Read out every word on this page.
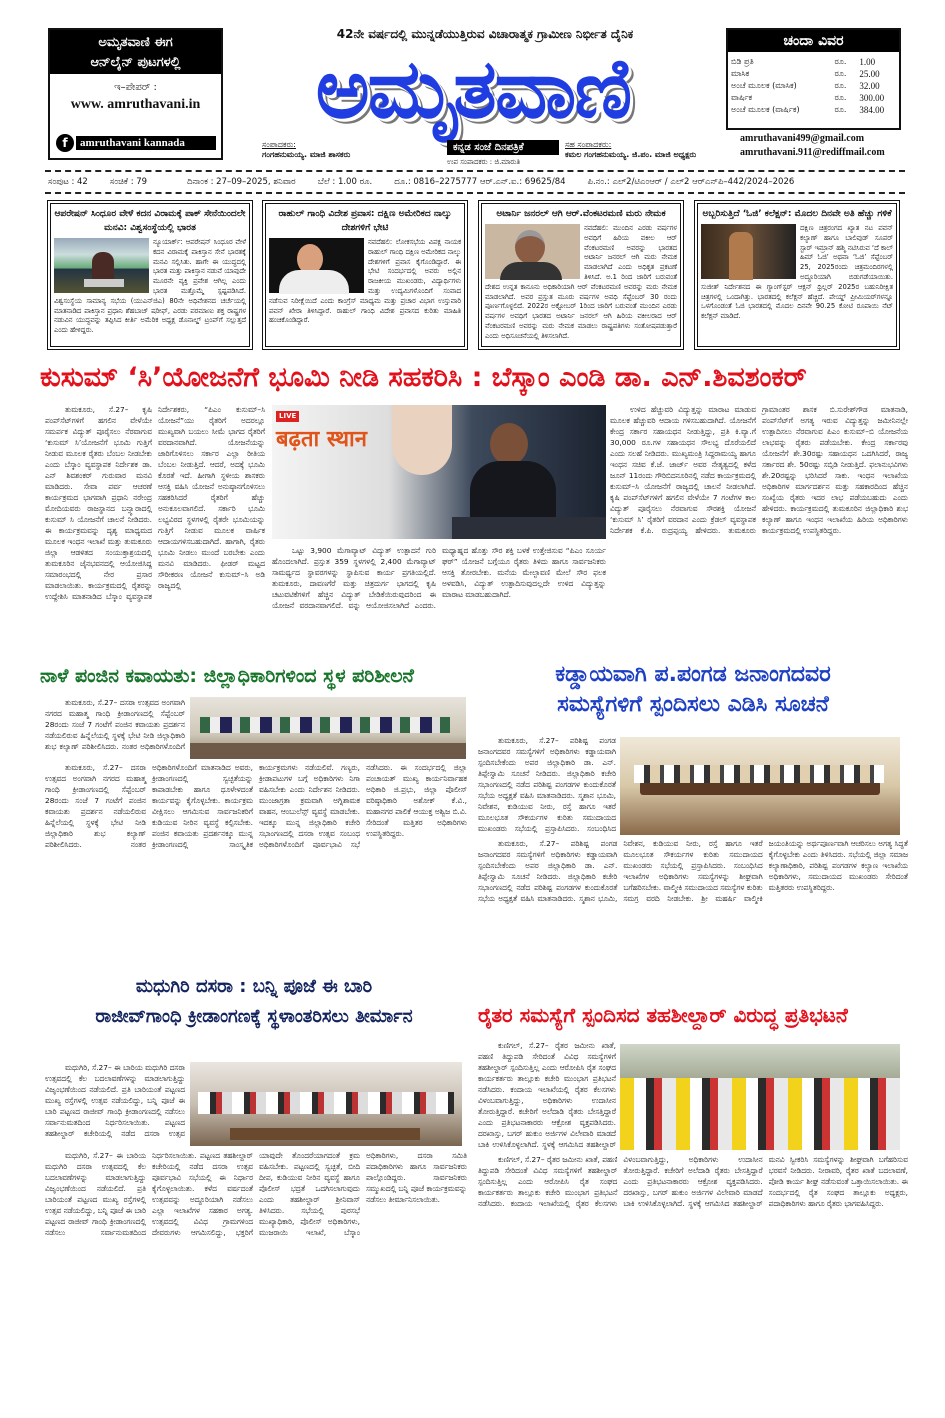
ಅಮೃತವಾಣಿ ಈಗ
ಆನ್‌ಲೈನ್ ಪುಟಗಳಲ್ಲಿ
ಇ–ಪೇಪರ್ :
www. amruthavani.in
f	amruthavani kannada
42ನೇ ವರ್ಷದಲ್ಲಿ ಮುನ್ನಡೆಯುತ್ತಿರುವ ವಿಚಾರಾತ್ಮಕ ಗ್ರಾಮೀಣ ನಿರ್ಭೀತ ದೈನಿಕ
ಅಮೃತವಾಣಿ
ಕನ್ನಡ ಸಂಜೆ ದಿನಪತ್ರಿಕೆ
ಸಂಪಾದಕರು:
ಗಂಗಹನುಮಯ್ಯ. ಮಾಜಿ ಶಾಸಕರು
ಉಪ ಸಂಪಾದಕರು : ಜಿ.ಮಾರುತಿ
ಸಹ ಸಂಪಾದಕರು:
ಕಮಲ ಗಂಗಹನುಮಯ್ಯ. ಜಿ.ಪಂ. ಮಾಜಿ ಅಧ್ಯಕ್ಷರು
ಚಂದಾ ವಿವರ
ಬಿಡಿ ಪ್ರತಿ	ರೂ.	1.00
ಮಾಸಿಕ	ರೂ.	25.00
ಅಂಚೆ ಮೂಲಕ (ಮಾಸಿಕ)	ರೂ.	32.00
ವಾರ್ಷಿಕ	ರೂ.	300.00
ಅಂಚೆ ಮೂಲಕ (ವಾರ್ಷಿಕ)	ರೂ.	384.00
amruthavani499@gmail.com
amruthavani.911@rediffmail.com
ಸಂಪುಟ : 42	ಸಂಚಿಕೆ : 79	ದಿನಾಂಕ : 27–09–2025, ಶನಿವಾರ	ಬೆಲೆ : 1.00 ರೂ.	ದೂ.: 0816–2275777 ಆರ್.ಎನ್.ಐ.: 69625/84	ಪಿ.ನಂ.: ಎಲ್2/ಟಿಎಂಆರ್ / ಎಲ್2 ಆರ್‌ಎನ್‌ಪಿ–442/2024–2026
ಆಪರೇಷನ್ ಸಿಂಧೂರ ವೇಳೆ ಕದನ ವಿರಾಮಕ್ಕೆ ಪಾಕ್ ಸೇನೆಯಿಂದಲೇ ಮನವಿ: ವಿಶ್ವಸಂಸ್ಥೆಯಲ್ಲಿ ಭಾರತ

ನ್ಯೂಯಾರ್ಕ್: ಆಪರೇಷನ್ ಸಿಂಧೂರ ವೇಳೆ ಕದನ ವಿರಾಮಕ್ಕೆ ಪಾಕಿಸ್ತಾನ ಸೇನೆ ಭಾರತಕ್ಕೆ ಮನವಿ ಸಲ್ಲಿಸಿತು. ಹಾಗೇ ಈ ಯುದ್ಧದಲ್ಲಿ ಭಾರತ ಮತ್ತು ಪಾಕಿಸ್ತಾನ ನಡುವೆ ಯಾವುದೇ ಮೂರನೇ ವ್ಯಕ್ತಿ ಪ್ರವೇಶ ಆಗಿಲ್ಲ ಎಂದು ಭಾರತ ಮತ್ತೊಮ್ಮೆ ಸ್ಪಷ್ಟಪಡಿಸಿದೆ. ವಿಶ್ವಸಂಸ್ಥೆಯ ಸಾಮಾನ್ಯ ಸಭೆಯ (ಯುಎನ್‌ಜಿಎ) 80ನೇ ಅಧಿವೇಶನದ ಚರ್ಚೆಯಲ್ಲಿ ಮಾತನಾಡಿದ ಪಾಕಿಸ್ತಾನ ಪ್ರಧಾನಿ ಶೆಹಬಾಜ್ ಷರೀಫ್, ಎರಡು ಪರಮಾಣು ಶಕ್ತ ರಾಷ್ಟ್ರಗಳ ನಡುವಿನ ಯುದ್ಧವನ್ನು ತಪ್ಪಿಸಿದ ಕೀರ್ತಿ ಅಮೆರಿಕ ಅಧ್ಯಕ್ಷ ಡೊನಾಲ್ಡ್ ಟ್ರಂಪ್‌ಗೆ ಸಲ್ಲುತ್ತದೆ ಎಂದು ಹೇಳಿದ್ದರು.

ರಾಹುಲ್ ಗಾಂಧಿ ವಿದೇಶ ಪ್ರವಾಸ: ದಕ್ಷಿಣ ಅಮೇರಿಕದ ನಾಲ್ಕು ದೇಶಗಳಿಗೆ ಭೇಟಿ

ನವದೆಹಲಿ: ಲೋಕಸಭೆಯ ವಿಪಕ್ಷ ನಾಯಕ ರಾಹುಲ್ ಗಾಂಧಿ ದಕ್ಷಿಣ ಅಮೇರಿಕದ ನಾಲ್ಕು ದೇಶಗಳಿಗೆ ಪ್ರವಾಸ ಕೈಗೊಂಡಿದ್ದಾರೆ. ಈ ಭೇಟಿ ಸಂದರ್ಭದಲ್ಲಿ ಅವರು ಅಲ್ಲಿನ ರಾಜಕೀಯ ಮುಖಂಡರು, ವಿದ್ಯಾರ್ಥಿಗಳು ಮತ್ತು ಉದ್ಯಮಿಗಳೊಂದಿಗೆ ಸಂವಾದ ನಡೆಸುವ ನಿರೀಕ್ಷೆಯಿದೆ ಎಂದು ಕಾಂಗ್ರೆಸ್ ಮಾಧ್ಯಮ ಮತ್ತು ಪ್ರಚಾರ ವಿಭಾಗ ಉಸ್ತುವಾರಿ ಪವನ್ ಖೇರಾ ತಿಳಿಸಿದ್ದಾರೆ. ರಾಹುಲ್ ಗಾಂಧಿ ವಿದೇಶ ಪ್ರವಾಸದ ಕುರಿತು ಮಾಹಿತಿ ಹಂಚಿಕೊಂಡಿದ್ದಾರೆ.

ಅಟಾರ್ನಿ ಜನರಲ್ ಆಗಿ ಆರ್.ವೆಂಕಟರಮಣಿ ಮರು ನೇಮಕ

ನವದೆಹಲಿ: ಮುಂದಿನ ಎರಡು ವರ್ಷಗಳ ಅವಧಿಗೆ ಹಿರಿಯ ವಕೀಲ ಆರ್ ವೆಂಕಟರಮಣಿ ಅವರನ್ನು ಭಾರತದ ಅಟಾರ್ನಿ ಜನರಲ್ ಆಗಿ ಮರು ನೇಮಕ ಮಾಡಲಾಗಿದೆ ಎಂದು ಅಧಿಕೃತ ಪ್ರಕಟಣೆ ತಿಳಿಸಿದೆ. ಅ.1 ರಿಂದ ಜಾರಿಗೆ ಬರುವಂತೆ ದೇಶದ ಉನ್ನತ ಕಾನೂನು ಅಧಿಕಾರಿಯಾಗಿ ಆರ್ ವೆಂಕಟರಮಣಿ ಅವರನ್ನು ಮರು ನೇಮಕ ಮಾಡಲಾಗಿದೆ. ಅವರ ಪ್ರಸ್ತುತ ಮೂರು ವರ್ಷಗಳ ಅವಧಿ ಸೆಪ್ಟೆಂಬರ್ 30 ರಂದು ಪೂರ್ಣಗೊಳ್ಳಲಿದೆ. 2022ರ ಅಕ್ಟೋಬರ್ 1ರಿಂದ ಜಾರಿಗೆ ಬರುವಂತೆ ಮುಂದಿನ ಎರಡು ವರ್ಷಗಳ ಅವಧಿಗೆ ಭಾರತದ ಅಟಾರ್ನಿ ಜನರಲ್ ಆಗಿ ಹಿರಿಯ ವಕೀಲರಾದ ಆರ್ ವೆಂಕಟರಮಣಿ ಅವರನ್ನು ಮರು ನೇಮಕ ಮಾಡಲು ರಾಷ್ಟ್ರಪತಿಗಳು ಸಂತೋಷಪಡುತ್ತಾರೆ ಎಂದು ಅಧಿಸೂಚನೆಯಲ್ಲಿ ತಿಳಿಸಲಾಗಿದೆ.

ಅಬ್ಬರಿಸುತ್ತಿದೆ ‘ಓಜಿ’ ಕಲೆಕ್ಷನ್: ಮೊದಲ ದಿನವೇ ಅತಿ ಹೆಚ್ಚು ಗಳಿಕೆ

ದಕ್ಷಿಣ ಚಿತ್ರರಂಗದ ಖ್ಯಾತ ನಟ ಪವನ್ ಕಲ್ಯಾಣ್ ಹಾಗೂ ಬಾಲಿವುಡ್ ಸೂಪರ್ ಸ್ಟಾರ್ ಇಮ್ರಾನ್ ಹಶ್ಮಿ ನಟಿಸಿರುವ ‘ದೆ ಕಾಲ್ ಹಿಮ್ ಓಜಿ’ ಅಥವಾ ‘ಓಜಿ’ ಸೆಪ್ಟೆಂಬರ್ 25, 2025ರಂದು ಚಿತ್ರಮಂದಿರಗಳಲ್ಲಿ ಅದ್ಧೂರಿಯಾಗಿ ಬಿಡುಗಡೆಯಾಯಿತು. ಸುಜೀತ್ ನಿರ್ದೇಶನದ ಈ ಗ್ಯಾಂಗ್‌ಸ್ಟರ್ ಆಕ್ಷನ್ ಥ್ರಿಲ್ಲರ್ 2025ರ ಬಹುನಿರೀಕ್ಷಿತ ಚಿತ್ರಗಳಲ್ಲಿ ಒಂದಾಗಿತ್ತು. ಭಾರತದಲ್ಲಿ ಕಲೆಕ್ಷನ್ ಹೆಚ್ಚಿದೆ. ಪೇಯ್ಡ್ ಪ್ರೀಮಿಯರ್‌ಗಳನ್ನೂ ಒಳಗೊಂಡಂತೆ ಓಜಿ ಭಾರತದಲ್ಲಿ ಮೊದಲ ದಿನವೇ 90.25 ಕೋಟಿ ರೂಪಾಯಿ ನೆಟ್ ಕಲೆಕ್ಷನ್ ಮಾಡಿದೆ.

ಕುಸುಮ್ ‘ಸಿ’ಯೋಜನೆಗೆ ಭೂಮಿ ನೀಡಿ ಸಹಕರಿಸಿ : ಬೆಸ್ಕಾಂ ಎಂಡಿ ಡಾ. ಎನ್.ಶಿವಶಂಕರ್

ತುಮಕೂರು, ಸೆ.27– ಕೃಷಿ ಪಂಪ್‌ಸೆಟ್‌ಗಳಿಗೆ ಹಗಲಿನ ವೇಳೆಯೇ ಸಮರ್ಪಕ ವಿದ್ಯುತ್ ಪೂರೈಸಲು ನೆರವಾಗುವ ‘ಕುಸುಮ್ ಸಿ’ಯೋಜನೆಗೆ ಭೂಮಿ ಗುತ್ತಿಗೆ ನೀಡುವ ಮೂಲಕ ರೈತರು ಬೆಂಬಲ ನೀಡಬೇಕು ಎಂದು ಬೆಸ್ಕಾಂ ವ್ಯವಸ್ಥಾಪಕ ನಿರ್ದೇಶಕ ಡಾ. ಎನ್ ಶಿವಶಂಕರ್ ಗುರುವಾರ ಮನವಿ ಮಾಡಿದರು. ಸೇವಾ ಪರ್ವ ಆಚರಣೆ ಕಾರ್ಯಕ್ರಮದ ಭಾಗವಾಗಿ ಪ್ರಧಾನಿ ನರೇಂದ್ರ ಮೋದಿಯವರು ರಾಜಸ್ಥಾನದ ಬನ್ಸ್ವಾರಾದಲ್ಲಿ ಕುಸುಮ್ ಸಿ ಯೋಜನೆಗೆ ಚಾಲನೆ ನೀಡಿದರು. ಈ ಕಾರ್ಯಕ್ರಮವನ್ನು ದೃಶ್ಯ ಮಾಧ್ಯಮದ ಮೂಲಕ ಇಂಧನ ಇಲಾಖೆ ಮತ್ತು ತುಮಕೂರು ಜಿಲ್ಲಾ ಆಡಳಿತದ ಸಂಯುಕ್ತಾಶ್ರಯದಲ್ಲಿ ತುಮಕೂರಿನ ಜೈನಭವನದಲ್ಲಿ ಆಯೋಜಿಸಿದ್ದ ಸಮಾರಂಭದಲ್ಲಿ ನೇರ ಪ್ರಸಾರ ಮಾಡಲಾಯಿತು. ಕಾರ್ಯಕ್ರಮದಲ್ಲಿ ರೈತರನ್ನು ಉದ್ದೇಶಿಸಿ ಮಾತನಾಡಿದ ಬೆಸ್ಕಾಂ ವ್ಯವಸ್ಥಾಪಕ ನಿರ್ದೇಶಕರು, “ಪಿಎಂ ಕುಸುಮ್–ಸಿ ಯೋಜನೆ”ಯು ರೈತರಿಗೆ ಅದರಲ್ಲೂ ಮುಖ್ಯವಾಗಿ ಬಯಲು ಸೀಮೆ ಭಾಗದ ರೈತರಿಗೆ ವರದಾನವಾಗಿದೆ. ಯೋಜನೆಯನ್ನು ಜಾರಿಗೊಳಿಸಲು ಸರ್ಕಾರ ಎಲ್ಲಾ ರೀತಿಯ ಬೆಂಬಲ ನೀಡುತ್ತಿದೆ. ಆದರೆ, ಅದಕ್ಕೆ ಭೂಮಿ ಕೊರತೆ ಇದೆ. ಹೀಗಾಗಿ ಸ್ಥಳೀಯ ಶಾಸಕರು ಆಸಕ್ತಿ ವಹಿಸಿ ಯೋಜನೆ ಅನುಷ್ಠಾನಗೊಳಿಸಲು ಸಹಕರಿಸಿದರೆ ರೈತರಿಗೆ ಹೆಚ್ಚು ಅನುಕೂಲವಾಗಲಿದೆ. ಸರ್ಕಾರಿ ಭೂಮಿ ಲಭ್ಯವಿರದ ಸ್ಥಳಗಳಲ್ಲಿ ರೈತರೇ ಭೂಮಿಯನ್ನು ಗುತ್ತಿಗೆ ನೀಡುವ ಮೂಲಕ ವಾರ್ಷಿಕ ಆದಾಯಗಳಿಸಬಹುದಾಗಿದೆ. ಹಾಗಾಗಿ, ರೈತರು ಭೂಮಿ ನೀಡಲು ಮುಂದೆ ಬರಬೇಕು ಎಂದು ಮನವಿ ಮಾಡಿದರು. ಫೀಡರ್ ಮಟ್ಟದ ಸೌರೀಕರಣ ಯೋಜನೆ ಕುಸುಮ್–ಸಿ ಅಡಿ ರಾಜ್ಯದಲ್ಲಿ

LIVE
बढ़ता स्थान

ಒಟ್ಟು 3,900 ಮೆಗಾವ್ಯಾಟ್ ವಿದ್ಯುತ್ ಉತ್ಪಾದನೆ ಗುರಿ ಹೊಂದಲಾಗಿದೆ. ಪ್ರಸ್ತುತ 359 ಸ್ಥಳಗಳಲ್ಲಿ 2,400 ಮೆಗಾವ್ಯಾಟ್ ಸಾಮರ್ಥ್ಯದ ಸ್ಥಾವರಗಳನ್ನು ಸ್ಥಾಪಿಸುವ ಕಾರ್ಯ ಪ್ರಗತಿಯಲ್ಲಿದೆ. ತುಮಕೂರು, ದಾವಣಗೆರೆ ಮತ್ತು ಚಿತ್ರದುರ್ಗ ಭಾಗದಲ್ಲಿ ಕೃಷಿ ಚಟುವಟಿಕೆಗಳಿಗೆ ಹೆಚ್ಚಿನ ವಿದ್ಯುತ್ ಬೇಡಿಕೆಯಿರುವುದರಿಂದ ಈ ಯೋಜನೆ ವರದಾನವಾಗಲಿದೆ. ವನ್ನು ಆಯೋಜಿಸಲಾಗಿದೆ ಎಂದರು. ಮಧ್ಯಾಹ್ನದ ಹೊತ್ತು ಸೌರ ಶಕ್ತಿ ಬಳಕೆ ಉತ್ತೇಜಿಸುವ “ಪಿಎಂ ಸೂರ್ಯ ಘರ್” ಯೋಜನೆ ಬಗ್ಗೆಯೂ ರೈತರು ತಿಳಿದು ಹಾಗೂ ಸಾರ್ವಜನಿಕರು ಆಸಕ್ತಿ ತೋರಬೇಕು. ಮನೆಯ ಮೇಲ್ಛಾವಣಿ ಮೇಲೆ ಸೌರ ಫಲಕ ಅಳವಡಿಸಿ, ವಿದ್ಯುತ್ ಉತ್ಪಾದಿಸುವುದಲ್ಲದೇ ಉಳಿದ ವಿದ್ಯುತ್ತನ್ನು ಮಾರಾಟ ಮಾಡಬಹುದಾಗಿದೆ.

ಉಳಿದ ಹೆಚ್ಚುವರಿ ವಿದ್ಯುತ್ತನ್ನು ಮಾರಾಟ ಮಾಡುವ ಮೂಲಕ ಹೆಚ್ಚುವರಿ ಆದಾಯ ಗಳಿಸಬಹುದಾಗಿದೆ. ಯೋಜನೆಗೆ ಕೇಂದ್ರ ಸರ್ಕಾರ ಸಹಾಯಧನ ನೀಡುತ್ತಿದ್ದು, ಪ್ರತಿ ಕಿ.ವ್ಯಾ.ಗೆ 30,000 ರೂ.ಗಳ ಸಹಾಯಧನ ಸೌಲಭ್ಯ ದೊರೆಯಲಿದೆ ಎಂದು ಸಲಹೆ ನೀಡಿದರು. ಮುಖ್ಯಮಂತ್ರಿ ಸಿದ್ದರಾಮಯ್ಯ ಹಾಗೂ ಇಂಧನ ಸಚಿವ ಕೆ.ಜೆ. ಜಾರ್ಜ್ ಅವರ ನೇತೃತ್ವದಲ್ಲಿ ಕಳೆದ ಜೂನ್ 11ರಂದು ಗೌರಿಬಿದನೂರಿನಲ್ಲಿ ನಡೆದ ಕಾರ್ಯಕ್ರಮದಲ್ಲಿ ಕುಸುಮ್–ಸಿ ಯೋಜನೆಗೆ ರಾಜ್ಯದಲ್ಲಿ ಚಾಲನೆ ನೀಡಲಾಗಿದೆ. ಕೃಷಿ ಪಂಪ್‌ಸೆಟ್‌ಗಳಿಗೆ ಹಗಲಿನ ವೇಳೆಯೇ 7 ಗಂಟೆಗಳ ಕಾಲ ವಿದ್ಯುತ್ ಪೂರೈಸಲು ನೆರವಾಗುವ ಸೌರಶಕ್ತಿ ಯೋಜನೆ ‘ಕುಸುಮ್ ಸಿ’ ರೈತರಿಗೆ ವರದಾನ ಎಂದು ಕ್ರೆಡಲ್ ವ್ಯವಸ್ಥಾಪಕ ನಿರ್ದೇಶಕ ಕೆ.ಪಿ. ರುದ್ರಪ್ಪಯ್ಯ ಹೇಳಿದರು. ತುಮಕೂರು ಗ್ರಾಮಾಂತರ ಶಾಸಕ ಬಿ.ಸುರೇಶ್‌ಗೌಡ ಮಾತನಾಡಿ, ಪಂಪ್‌ಸೆಟ್‌ಗೆ ಅಗತ್ಯ ಇರುವ ವಿದ್ಯುತ್ತನ್ನು ಜಮೀನಿನಲ್ಲೇ ಉತ್ಪಾದಿಸಲು ನೆರವಾಗುವ ಪಿಎಂ ಕುಸುಮ್–ಬಿ ಯೋಜನೆಯ ಲಾಭವನ್ನು ರೈತರು ಪಡೆಯಬೇಕು. ಕೇಂದ್ರ ಸರ್ಕಾರವು ಯೋಜನೆಗೆ ಶೇ.30ರಷ್ಟು ಸಹಾಯಧನ ಒದಗಿಸಿದರೆ, ರಾಜ್ಯ ಸರ್ಕಾರದ ಶೇ. 50ರಷ್ಟು ಸಬ್ಸಿಡಿ ನೀಡುತ್ತಿದೆ. ಫಲಾನುಭವಿಗಳು ಶೇ.20ರಷ್ಟನ್ನು ಭರಿಸಿದರೆ ಸಾಕು. ಇಂಧನ ಇಲಾಖೆಯ ಅಧಿಕಾರಿಗಳ ಮಾರ್ಗದರ್ಶನ ಮತ್ತು ಸಹಕಾರದಿಂದ ಹೆಚ್ಚಿನ ಸಂಖ್ಯೆಯ ರೈತರು ಇದರ ಲಾಭ ಪಡೆಯಬಹುದು ಎಂದು ಹೇಳಿದರು. ಕಾರ್ಯಕ್ರಮದಲ್ಲಿ ತುಮಕೂರಿನ ಜಿಲ್ಲಾಧಿಕಾರಿ ಶುಭ ಕಲ್ಯಾಣ್ ಹಾಗೂ ಇಂಧನ ಇಲಾಖೆಯ ಹಿರಿಯ ಅಧಿಕಾರಿಗಳು ಕಾರ್ಯಕ್ರಮದಲ್ಲಿ ಉಪಸ್ಥಿತರಿದ್ದರು.

ನಾಳೆ ಪಂಜಿನ ಕವಾಯತು: ಜಿಲ್ಲಾಧಿಕಾರಿಗಳಿಂದ ಸ್ಥಳ ಪರಿಶೀಲನೆ

ತುಮಕೂರು, ಸೆ.27– ದಸರಾ ಉತ್ಸವದ ಅಂಗವಾಗಿ ನಗರದ ಮಹಾತ್ಮ ಗಾಂಧಿ ಕ್ರೀಡಾಂಗಣದಲ್ಲಿ ಸೆಪ್ಟೆಂಬರ್ 28ರಂದು ಸಂಜೆ 7 ಗಂಟೆಗೆ ಪಂಜಿನ ಕವಾಯತು ಪ್ರದರ್ಶನ ನಡೆಯಲಿರುವ ಹಿನ್ನೆಲೆಯಲ್ಲಿ ಸ್ಥಳಕ್ಕೆ ಭೇಟಿ ನೀಡಿ ಜಿಲ್ಲಾಧಿಕಾರಿ ಶುಭ ಕಲ್ಯಾಣ್ ಪರಿಶೀಲಿಸಿದರು. ನಂತರ ಅಧಿಕಾರಿಗಳೊಂದಿಗೆ

ತುಮಕೂರು, ಸೆ.27– ದಸರಾ ಉತ್ಸವದ ಅಂಗವಾಗಿ ನಗರದ ಮಹಾತ್ಮ ಗಾಂಧಿ ಕ್ರೀಡಾಂಗಣದಲ್ಲಿ ಸೆಪ್ಟೆಂಬರ್ 28ರಂದು ಸಂಜೆ 7 ಗಂಟೆಗೆ ಪಂಜಿನ ಕವಾಯತು ಪ್ರದರ್ಶನ ನಡೆಯಲಿರುವ ಹಿನ್ನೆಲೆಯಲ್ಲಿ ಸ್ಥಳಕ್ಕೆ ಭೇಟಿ ನೀಡಿ ಜಿಲ್ಲಾಧಿಕಾರಿ ಶುಭ ಕಲ್ಯಾಣ್ ಪರಿಶೀಲಿಸಿದರು. ನಂತರ ಅಧಿಕಾರಿಗಳೊಂದಿಗೆ ಮಾತನಾಡಿದ ಅವರು, ಕ್ರೀಡಾಂಗಣದಲ್ಲಿ ಸ್ವಚ್ಛತೆಯನ್ನು ಕಾಪಾಡಬೇಕು ಹಾಗೂ ಧೂಳೇಳದಂತೆ ಕಾರ್ಯವನ್ನು ಕೈಗೊಳ್ಳಬೇಕು. ಕಾರ್ಯಕ್ರಮ ವೀಕ್ಷಿಸಲು ಆಗಮಿಸುವ ಸಾರ್ವಜನಿಕರಿಗೆ ಕುಡಿಯುವ ನೀರಿನ ವ್ಯವಸ್ಥೆ ಕಲ್ಪಿಸಬೇಕು. ಪಂಜಿನ ಕವಾಯತು ಪ್ರದರ್ಶನಕ್ಕೂ ಮುನ್ನ ಕ್ರೀಡಾಂಗಣದಲ್ಲಿ ಸಾಂಸ್ಕೃತಿಕ ಕಾರ್ಯಕ್ರಮಗಳು ನಡೆಯಲಿವೆ. ಗಣ್ಯರು, ಕ್ರೀಡಾಪಟುಗಳ ಬಗ್ಗೆ ಅಧಿಕಾರಿಗಳು ನಿಗಾ ವಹಿಸಬೇಕು ಎಂದು ನಿರ್ದೇಶನ ನೀಡಿದರು. ಮುಂಜಾಗ್ರತಾ ಕ್ರಮವಾಗಿ ಅಗ್ನಿಶಾಮಕ ವಾಹನ, ಆಂಬುಲೆನ್ಸ್ ವ್ಯವಸ್ಥೆ ಮಾಡಬೇಕು. ಇದಕ್ಕೂ ಮುನ್ನ ಜಿಲ್ಲಾಧಿಕಾರಿ ಕಚೇರಿ ಸಭಾಂಗಣದಲ್ಲಿ ದಸರಾ ಉತ್ಸವ ಸಂಬಂಧ ಅಧಿಕಾರಿಗಳೊಂದಿಗೆ ಪೂರ್ವಭಾವಿ ಸಭೆ ನಡೆಸಿದರು. ಈ ಸಂದರ್ಭದಲ್ಲಿ ಜಿಲ್ಲಾ ಪಂಚಾಯತ್ ಮುಖ್ಯ ಕಾರ್ಯನಿರ್ವಾಹಕ ಅಧಿಕಾರಿ ಜಿ.ಪ್ರಭು, ಜಿಲ್ಲಾ ಪೊಲೀಸ್ ವರಿಷ್ಠಾಧಿಕಾರಿ ಅಶೋಕ್ ಕೆ.ವಿ., ಮಹಾನಗರ ಪಾಲಿಕೆ ಆಯುಕ್ತ ಅಶ್ವಿಜ ಬಿ.ವಿ. ಸೇರಿದಂತೆ ಮತ್ತಿತರ ಅಧಿಕಾರಿಗಳು ಉಪಸ್ಥಿತರಿದ್ದರು.

ಕಡ್ಡಾಯವಾಗಿ ಪ.ಪಂಗಡ ಜನಾಂಗದವರ
ಸಮಸ್ಯೆಗಳಿಗೆ ಸ್ಪಂದಿಸಲು ಎಡಿಸಿ ಸೂಚನೆ

ತುಮಕೂರು, ಸೆ.27– ಪರಿಶಿಷ್ಟ ಪಂಗಡ ಜನಾಂಗದವರ ಸಮಸ್ಯೆಗಳಿಗೆ ಅಧಿಕಾರಿಗಳು ಕಡ್ಡಾಯವಾಗಿ ಸ್ಪಂದಿಸಬೇಕೆಂದು ಅಪರ ಜಿಲ್ಲಾಧಿಕಾರಿ ಡಾ. ಎನ್. ತಿಪ್ಪೇಸ್ವಾಮಿ ಸೂಚನೆ ನೀಡಿದರು. ಜಿಲ್ಲಾಧಿಕಾರಿ ಕಚೇರಿ ಸಭಾಂಗಣದಲ್ಲಿ ನಡೆದ ಪರಿಶಿಷ್ಟ ಪಂಗಡಗಳ ಕುಂದುಕೊರತೆ ಸಭೆಯ ಅಧ್ಯಕ್ಷತೆ ವಹಿಸಿ ಮಾತನಾಡಿದರು. ಸ್ಮಶಾನ ಭೂಮಿ, ನಿವೇಶನ, ಕುಡಿಯುವ ನೀರು, ರಸ್ತೆ ಹಾಗೂ ಇತರೆ ಮೂಲಭೂತ ಸೌಕರ್ಯಗಳ ಕುರಿತು ಸಮುದಾಯದ ಮುಖಂಡರು ಸಭೆಯಲ್ಲಿ ಪ್ರಸ್ತಾಪಿಸಿದರು. ಸಂಬಂಧಿಸಿದ

ತುಮಕೂರು, ಸೆ.27– ಪರಿಶಿಷ್ಟ ಪಂಗಡ ಜನಾಂಗದವರ ಸಮಸ್ಯೆಗಳಿಗೆ ಅಧಿಕಾರಿಗಳು ಕಡ್ಡಾಯವಾಗಿ ಸ್ಪಂದಿಸಬೇಕೆಂದು ಅಪರ ಜಿಲ್ಲಾಧಿಕಾರಿ ಡಾ. ಎನ್. ತಿಪ್ಪೇಸ್ವಾಮಿ ಸೂಚನೆ ನೀಡಿದರು. ಜಿಲ್ಲಾಧಿಕಾರಿ ಕಚೇರಿ ಸಭಾಂಗಣದಲ್ಲಿ ನಡೆದ ಪರಿಶಿಷ್ಟ ಪಂಗಡಗಳ ಕುಂದುಕೊರತೆ ಸಭೆಯ ಅಧ್ಯಕ್ಷತೆ ವಹಿಸಿ ಮಾತನಾಡಿದರು. ಸ್ಮಶಾನ ಭೂಮಿ, ನಿವೇಶನ, ಕುಡಿಯುವ ನೀರು, ರಸ್ತೆ ಹಾಗೂ ಇತರೆ ಮೂಲಭೂತ ಸೌಕರ್ಯಗಳ ಕುರಿತು ಸಮುದಾಯದ ಮುಖಂಡರು ಸಭೆಯಲ್ಲಿ ಪ್ರಸ್ತಾಪಿಸಿದರು. ಸಂಬಂಧಿಸಿದ ಇಲಾಖೆಗಳ ಅಧಿಕಾರಿಗಳು ಸಮಸ್ಯೆಗಳನ್ನು ಶೀಘ್ರವಾಗಿ ಬಗೆಹರಿಸಬೇಕು. ವಾಲ್ಮೀಕಿ ಸಮುದಾಯದ ಸಮಸ್ಯೆಗಳ ಕುರಿತು ಸಮಗ್ರ ವರದಿ ನೀಡಬೇಕು. ಶ್ರೀ ಮಹರ್ಷಿ ವಾಲ್ಮೀಕಿ ಜಯಂತಿಯನ್ನು ಅರ್ಥಪೂರ್ಣವಾಗಿ ಆಚರಿಸಲು ಅಗತ್ಯ ಸಿದ್ಧತೆ ಕೈಗೊಳ್ಳಬೇಕು ಎಂದು ತಿಳಿಸಿದರು. ಸಭೆಯಲ್ಲಿ ಜಿಲ್ಲಾ ಸಮಾಜ ಕಲ್ಯಾಣಾಧಿಕಾರಿ, ಪರಿಶಿಷ್ಟ ಪಂಗಡಗಳ ಕಲ್ಯಾಣ ಇಲಾಖೆಯ ಅಧಿಕಾರಿಗಳು, ಸಮುದಾಯದ ಮುಖಂಡರು ಸೇರಿದಂತೆ ಮತ್ತಿತರರು ಉಪಸ್ಥಿತರಿದ್ದರು.

ಮಧುಗಿರಿ ದಸರಾ : ಬನ್ನಿ ಪೂಜೆ ಈ ಬಾರಿ
ರಾಜೀವ್‌ಗಾಂಧಿ ಕ್ರೀಡಾಂಗಣಕ್ಕೆ ಸ್ಥಳಾಂತರಿಸಲು ತೀರ್ಮಾನ

ಮಧುಗಿರಿ, ಸೆ.27– ಈ ಬಾರಿಯ ಮಧುಗಿರಿ ದಸರಾ ಉತ್ಸವದಲ್ಲಿ ಕೆಲ ಬದಲಾವಣೆಗಳನ್ನು ಮಾಡಲಾಗುತ್ತಿದ್ದು ವಿಜೃಂಭಣೆಯಿಂದ ನಡೆಯಲಿದೆ. ಪ್ರತಿ ಬಾರಿಯಂತೆ ಪಟ್ಟಣದ ಮುಖ್ಯ ರಸ್ತೆಗಳಲ್ಲಿ ಉತ್ಸವ ನಡೆಯಲಿದ್ದು, ಬನ್ನಿ ಪೂಜೆ ಈ ಬಾರಿ ಪಟ್ಟಣದ ರಾಜೀವ್ ಗಾಂಧಿ ಕ್ರೀಡಾಂಗಣದಲ್ಲಿ ನಡೆಸಲು ಸರ್ವಾನುಮತದಿಂದ ನಿರ್ಧರಿಸಲಾಯಿತು. ಪಟ್ಟಣದ ತಹಶೀಲ್ದಾರ್ ಕಚೇರಿಯಲ್ಲಿ ನಡೆದ ದಸರಾ ಉತ್ಸವ

ಮಧುಗಿರಿ, ಸೆ.27– ಈ ಬಾರಿಯ ಮಧುಗಿರಿ ದಸರಾ ಉತ್ಸವದಲ್ಲಿ ಕೆಲ ಬದಲಾವಣೆಗಳನ್ನು ಮಾಡಲಾಗುತ್ತಿದ್ದು ವಿಜೃಂಭಣೆಯಿಂದ ನಡೆಯಲಿದೆ. ಪ್ರತಿ ಬಾರಿಯಂತೆ ಪಟ್ಟಣದ ಮುಖ್ಯ ರಸ್ತೆಗಳಲ್ಲಿ ಉತ್ಸವ ನಡೆಯಲಿದ್ದು, ಬನ್ನಿ ಪೂಜೆ ಈ ಬಾರಿ ಪಟ್ಟಣದ ರಾಜೀವ್ ಗಾಂಧಿ ಕ್ರೀಡಾಂಗಣದಲ್ಲಿ ನಡೆಸಲು ಸರ್ವಾನುಮತದಿಂದ ನಿರ್ಧರಿಸಲಾಯಿತು. ಪಟ್ಟಣದ ತಹಶೀಲ್ದಾರ್ ಕಚೇರಿಯಲ್ಲಿ ನಡೆದ ದಸರಾ ಉತ್ಸವ ಪೂರ್ವಭಾವಿ ಸಭೆಯಲ್ಲಿ ಈ ನಿರ್ಧಾರ ಕೈಗೊಳ್ಳಲಾಯಿತು. ಕಳೆದ ವರ್ಷದಂತೆ ಉತ್ಸವವನ್ನು ಅದ್ಧೂರಿಯಾಗಿ ನಡೆಸಲು ಎಲ್ಲಾ ಇಲಾಖೆಗಳ ಸಹಕಾರ ಅಗತ್ಯ. ಉತ್ಸವದಲ್ಲಿ ವಿವಿಧ ಗ್ರಾಮಗಳಿಂದ ದೇವರುಗಳು ಆಗಮಿಸಲಿದ್ದು, ಭಕ್ತರಿಗೆ ಯಾವುದೇ ತೊಂದರೆಯಾಗದಂತೆ ಕ್ರಮ ವಹಿಸಬೇಕು. ಪಟ್ಟಣದಲ್ಲಿ ಸ್ವಚ್ಛತೆ, ಬೀದಿ ದೀಪ, ಕುಡಿಯುವ ನೀರಿನ ವ್ಯವಸ್ಥೆ ಹಾಗೂ ಪೊಲೀಸ್ ಭದ್ರತೆ ಒದಗಿಸಲಾಗುವುದು ಎಂದು ತಹಶೀಲ್ದಾರ್ ಶ್ರೀನಿವಾಸ್ ತಿಳಿಸಿದರು. ಸಭೆಯಲ್ಲಿ ಪುರಸಭೆ ಮುಖ್ಯಾಧಿಕಾರಿ, ಪೊಲೀಸ್ ಅಧಿಕಾರಿಗಳು, ಮುಜರಾಯಿ ಇಲಾಖೆ, ಬೆಸ್ಕಾಂ ಅಧಿಕಾರಿಗಳು, ದಸರಾ ಸಮಿತಿ ಪದಾಧಿಕಾರಿಗಳು ಹಾಗೂ ಸಾರ್ವಜನಿಕರು ಪಾಲ್ಗೊಂಡಿದ್ದರು. ಸಾರ್ವಜನಿಕರು ಸಮ್ಮುಖದಲ್ಲಿ ಬನ್ನಿ ಪೂಜೆ ಕಾರ್ಯಕ್ರಮವನ್ನು ನಡೆಸಲು ತೀರ್ಮಾನಿಸಲಾಯಿತು.

ರೈತರ ಸಮಸ್ಯೆಗೆ ಸ್ಪಂದಿಸದ ತಹಶೀಲ್ದಾರ್ ವಿರುದ್ಧ ಪ್ರತಿಭಟನೆ

ಕುಣಿಗಲ್, ಸೆ.27– ರೈತರ ಜಮೀನು ಖಾತೆ, ಪಹಣಿ ತಿದ್ದುಪಡಿ ಸೇರಿದಂತೆ ವಿವಿಧ ಸಮಸ್ಯೆಗಳಿಗೆ ತಹಶೀಲ್ದಾರ್ ಸ್ಪಂದಿಸುತ್ತಿಲ್ಲ ಎಂದು ಆರೋಪಿಸಿ ರೈತ ಸಂಘದ ಕಾರ್ಯಕರ್ತರು ತಾಲ್ಲೂಕು ಕಚೇರಿ ಮುಂಭಾಗ ಪ್ರತಿಭಟನೆ ನಡೆಸಿದರು. ಕಂದಾಯ ಇಲಾಖೆಯಲ್ಲಿ ರೈತರ ಕೆಲಸಗಳು ವಿಳಂಬವಾಗುತ್ತಿದ್ದು, ಅಧಿಕಾರಿಗಳು ಉದಾಸೀನ ತೋರುತ್ತಿದ್ದಾರೆ. ಕಚೇರಿಗೆ ಅಲೆದಾಡಿ ರೈತರು ಬೇಸತ್ತಿದ್ದಾರೆ ಎಂದು ಪ್ರತಿಭಟನಾಕಾರರು ಆಕ್ರೋಶ ವ್ಯಕ್ತಪಡಿಸಿದರು. ದರಖಾಸ್ತು, ಬಗರ್ ಹುಕುಂ ಅರ್ಜಿಗಳ ವಿಲೇವಾರಿ ಮಾಡದೆ ಬಾಕಿ ಉಳಿಸಿಕೊಳ್ಳಲಾಗಿದೆ. ಸ್ಥಳಕ್ಕೆ ಆಗಮಿಸಿದ ತಹಶೀಲ್ದಾರ್

ಕುಣಿಗಲ್, ಸೆ.27– ರೈತರ ಜಮೀನು ಖಾತೆ, ಪಹಣಿ ತಿದ್ದುಪಡಿ ಸೇರಿದಂತೆ ವಿವಿಧ ಸಮಸ್ಯೆಗಳಿಗೆ ತಹಶೀಲ್ದಾರ್ ಸ್ಪಂದಿಸುತ್ತಿಲ್ಲ ಎಂದು ಆರೋಪಿಸಿ ರೈತ ಸಂಘದ ಕಾರ್ಯಕರ್ತರು ತಾಲ್ಲೂಕು ಕಚೇರಿ ಮುಂಭಾಗ ಪ್ರತಿಭಟನೆ ನಡೆಸಿದರು. ಕಂದಾಯ ಇಲಾಖೆಯಲ್ಲಿ ರೈತರ ಕೆಲಸಗಳು ವಿಳಂಬವಾಗುತ್ತಿದ್ದು, ಅಧಿಕಾರಿಗಳು ಉದಾಸೀನ ತೋರುತ್ತಿದ್ದಾರೆ. ಕಚೇರಿಗೆ ಅಲೆದಾಡಿ ರೈತರು ಬೇಸತ್ತಿದ್ದಾರೆ ಎಂದು ಪ್ರತಿಭಟನಾಕಾರರು ಆಕ್ರೋಶ ವ್ಯಕ್ತಪಡಿಸಿದರು. ದರಖಾಸ್ತು, ಬಗರ್ ಹುಕುಂ ಅರ್ಜಿಗಳ ವಿಲೇವಾರಿ ಮಾಡದೆ ಬಾಕಿ ಉಳಿಸಿಕೊಳ್ಳಲಾಗಿದೆ. ಸ್ಥಳಕ್ಕೆ ಆಗಮಿಸಿದ ತಹಶೀಲ್ದಾರ್ ಮನವಿ ಸ್ವೀಕರಿಸಿ ಸಮಸ್ಯೆಗಳನ್ನು ಶೀಘ್ರವಾಗಿ ಬಗೆಹರಿಸುವ ಭರವಸೆ ನೀಡಿದರು. ನೀರಾವರಿ, ರೈತರ ಖಾತೆ ಬದಲಾವಣೆ, ಪೋಡಿ ಕಾರ್ಯ ಶೀಘ್ರ ನಡೆಸುವಂತೆ ಒತ್ತಾಯಿಸಲಾಯಿತು. ಈ ಸಂದರ್ಭದಲ್ಲಿ ರೈತ ಸಂಘದ ತಾಲ್ಲೂಕು ಅಧ್ಯಕ್ಷರು, ಪದಾಧಿಕಾರಿಗಳು ಹಾಗೂ ರೈತರು ಭಾಗವಹಿಸಿದ್ದರು.
